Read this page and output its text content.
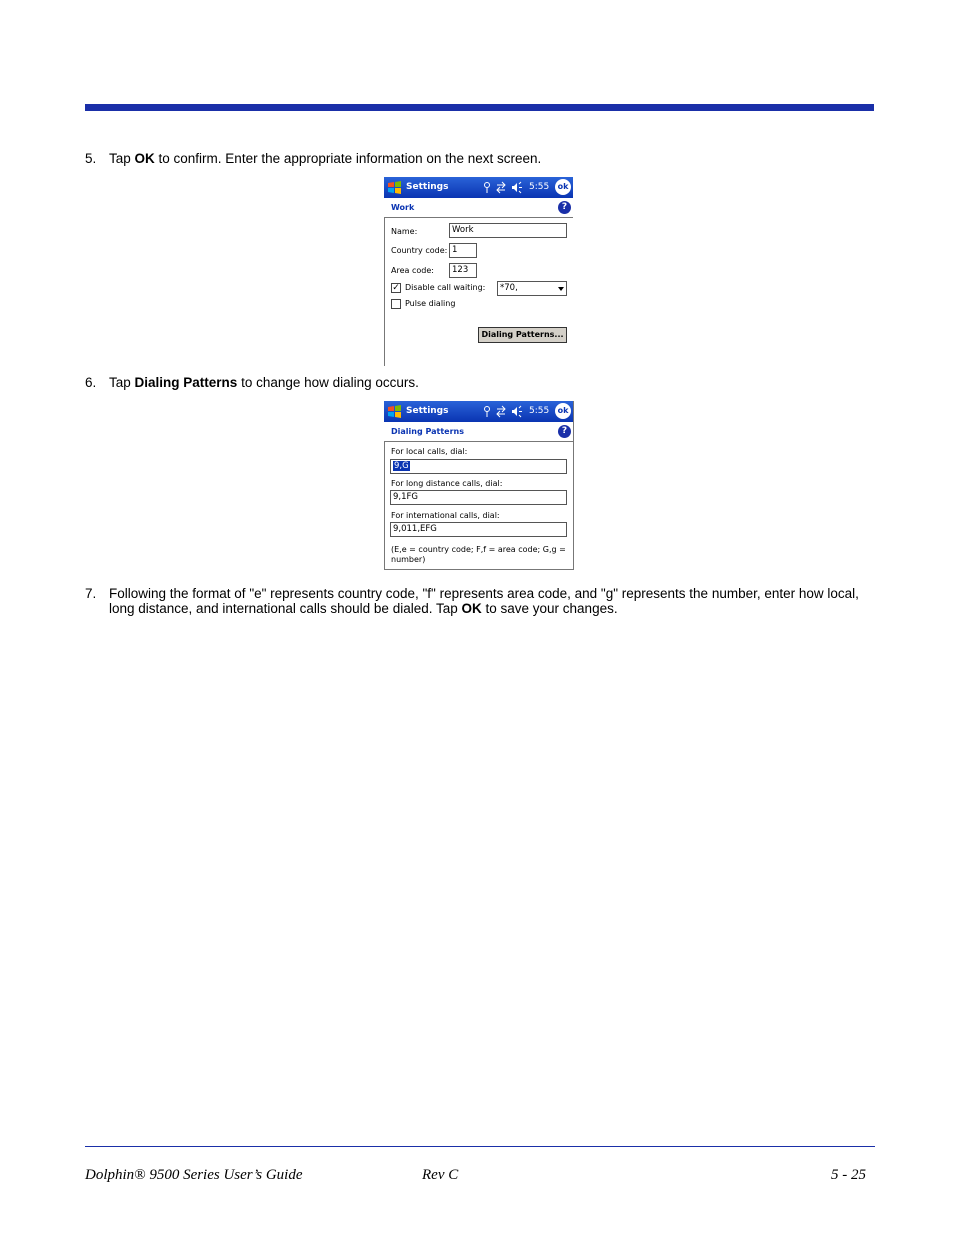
5. Tap OK to confirm. Enter the appropriate information on the next screen.
Settings	5:55	ok
Work	?
Name:	Work
Country code: 1
Area code:	123
✓ Disable call waiting:	*70,
Pulse dialing
Dialing Patterns...
6. Tap Dialing Patterns to change how dialing occurs.
Settings	5:55	ok
Dialing Patterns	?
For local calls, dial:
9,G
For long distance calls, dial:
9,1FG
For international calls, dial:
9,011,EFG
(E,e = country code; F,f = area code; G,g = number)
7. Following the format of "e" represents country code, "f" represents area code, and "g" represents the number, enter how local, long distance, and international calls should be dialed. Tap OK to save your changes.
Dolphin® 9500 Series User’s Guide	Rev C	5 - 25
